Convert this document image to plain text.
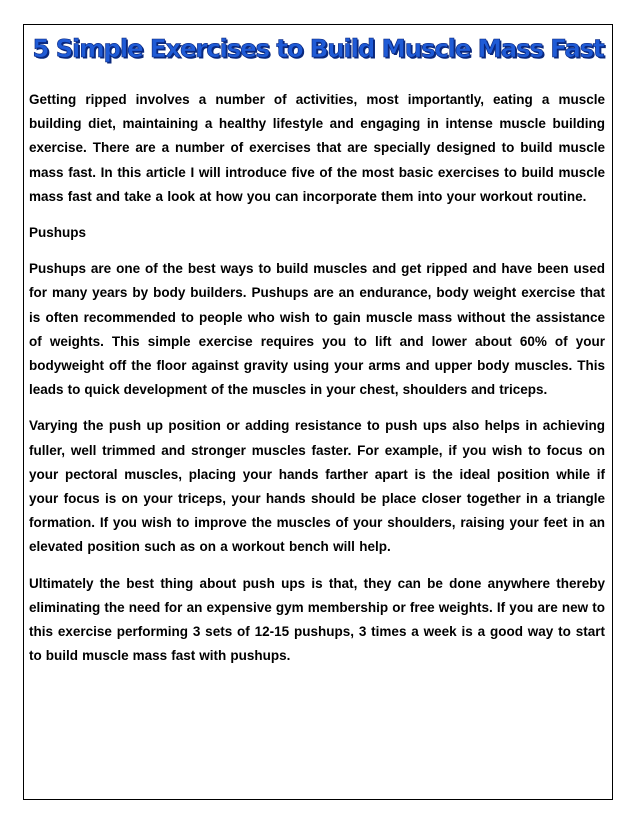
5 Simple Exercises to Build Muscle Mass Fast

Getting ripped involves a number of activities, most importantly, eating a muscle building diet, maintaining a healthy lifestyle and engaging in intense muscle building exercise. There are a number of exercises that are specially designed to build muscle mass fast. In this article I will introduce five of the most basic exercises to build muscle mass fast and take a look at how you can incorporate them into your workout routine.

Pushups

Pushups are one of the best ways to build muscles and get ripped and have been used for many years by body builders. Pushups are an endurance, body weight exercise that is often recommended to people who wish to gain muscle mass without the assistance of weights. This simple exercise requires you to lift and lower about 60% of your bodyweight off the floor against gravity using your arms and upper body muscles. This leads to quick development of the muscles in your chest, shoulders and triceps.

Varying the push up position or adding resistance to push ups also helps in achieving fuller, well trimmed and stronger muscles faster. For example, if you wish to focus on your pectoral muscles, placing your hands farther apart is the ideal position while if your focus is on your triceps, your hands should be place closer together in a triangle formation. If you wish to improve the muscles of your shoulders, raising your feet in an elevated position such as on a workout bench will help.

Ultimately the best thing about push ups is that, they can be done anywhere thereby eliminating the need for an expensive gym membership or free weights. If you are new to this exercise performing 3 sets of 12-15 pushups, 3 times a week is a good way to start to build muscle mass fast with pushups.
